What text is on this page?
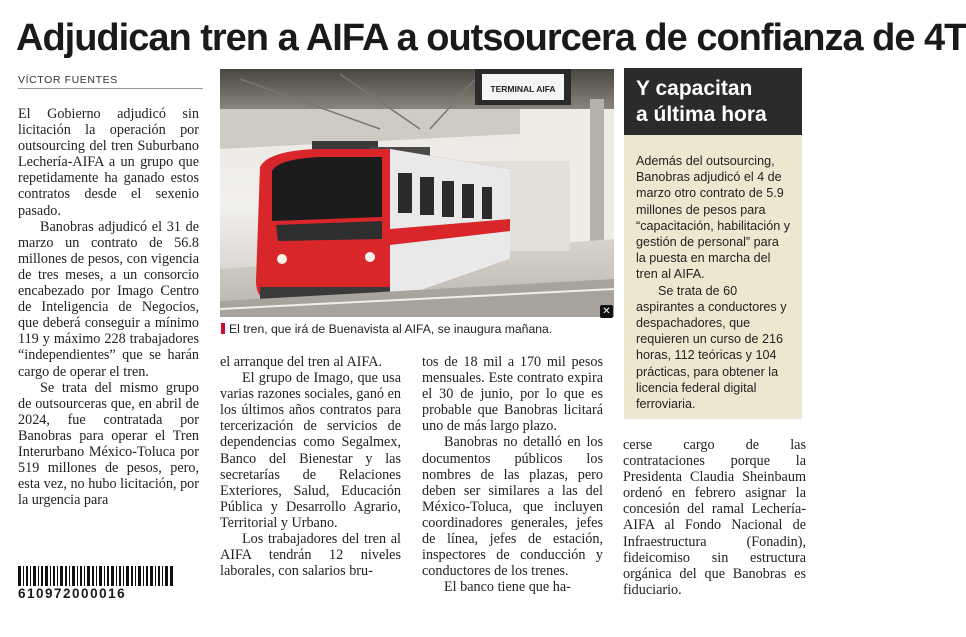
Adjudican tren a AIFA a outsourcera de confianza de 4T
VÍCTOR FUENTES

El Gobierno adjudicó sin licitación la operación por outsourcing del tren Suburbano Lechería-AIFA a un grupo que repetidamente ha ganado estos contratos desde el sexenio pasado.

Banobras adjudicó el 31 de marzo un contrato de 56.8 millones de pesos, con vigencia de tres meses, a un consorcio encabezado por Imago Centro de Inteligencia de Negocios, que deberá conseguir a mínimo 119 y máximo 228 trabajadores “independientes” que se harán cargo de operar el tren.

Se trata del mismo grupo de outsourceras que, en abril de 2024, fue contratada por Banobras para operar el Tren Interurbano México-Toluca por 519 millones de pesos, pero, esta vez, no hubo licitación, por la urgencia para

TERMINAL AIFA
✕
El tren, que irá de Buenavista al AIFA, se inaugura mañana.
Y capacitan
a última hora

Además del outsourcing, Banobras adjudicó el 4 de marzo otro contrato de 5.9 millones de pesos para “capacitación, habilitación y gestión de personal” para la puesta en marcha del tren al AIFA.

Se trata de 60 aspirantes a conductores y despachadores, que requieren un curso de 216 horas, 112 teóricas y 104 prácticas, para obtener la licencia federal digital ferroviaria.

el arranque del tren al AIFA.

El grupo de Imago, que usa varias razones sociales, ganó en los últimos años contratos para tercerización de servicios de dependencias como Segalmex, Banco del Bienestar y las secretarías de Relaciones Exteriores, Salud, Educación Pública y Desarrollo Agrario, Territorial y Urbano.

Los trabajadores del tren al AIFA tendrán 12 niveles laborales, con salarios bru-

tos de 18 mil a 170 mil pesos mensuales. Este contrato expira el 30 de junio, por lo que es probable que Banobras licitará uno de más largo plazo.

Banobras no detalló en los documentos públicos los nombres de las plazas, pero deben ser similares a las del México-Toluca, que incluyen coordinadores generales, jefes de línea, jefes de estación, inspectores de conducción y conductores de los trenes.

El banco tiene que ha-

cerse cargo de las contrataciones porque la Presidenta Claudia Sheinbaum ordenó en febrero asignar la concesión del ramal Lechería-AIFA al Fondo Nacional de Infraestructura (Fonadin), fideicomiso sin estructura orgánica del que Banobras es fiduciario.

610972000016
